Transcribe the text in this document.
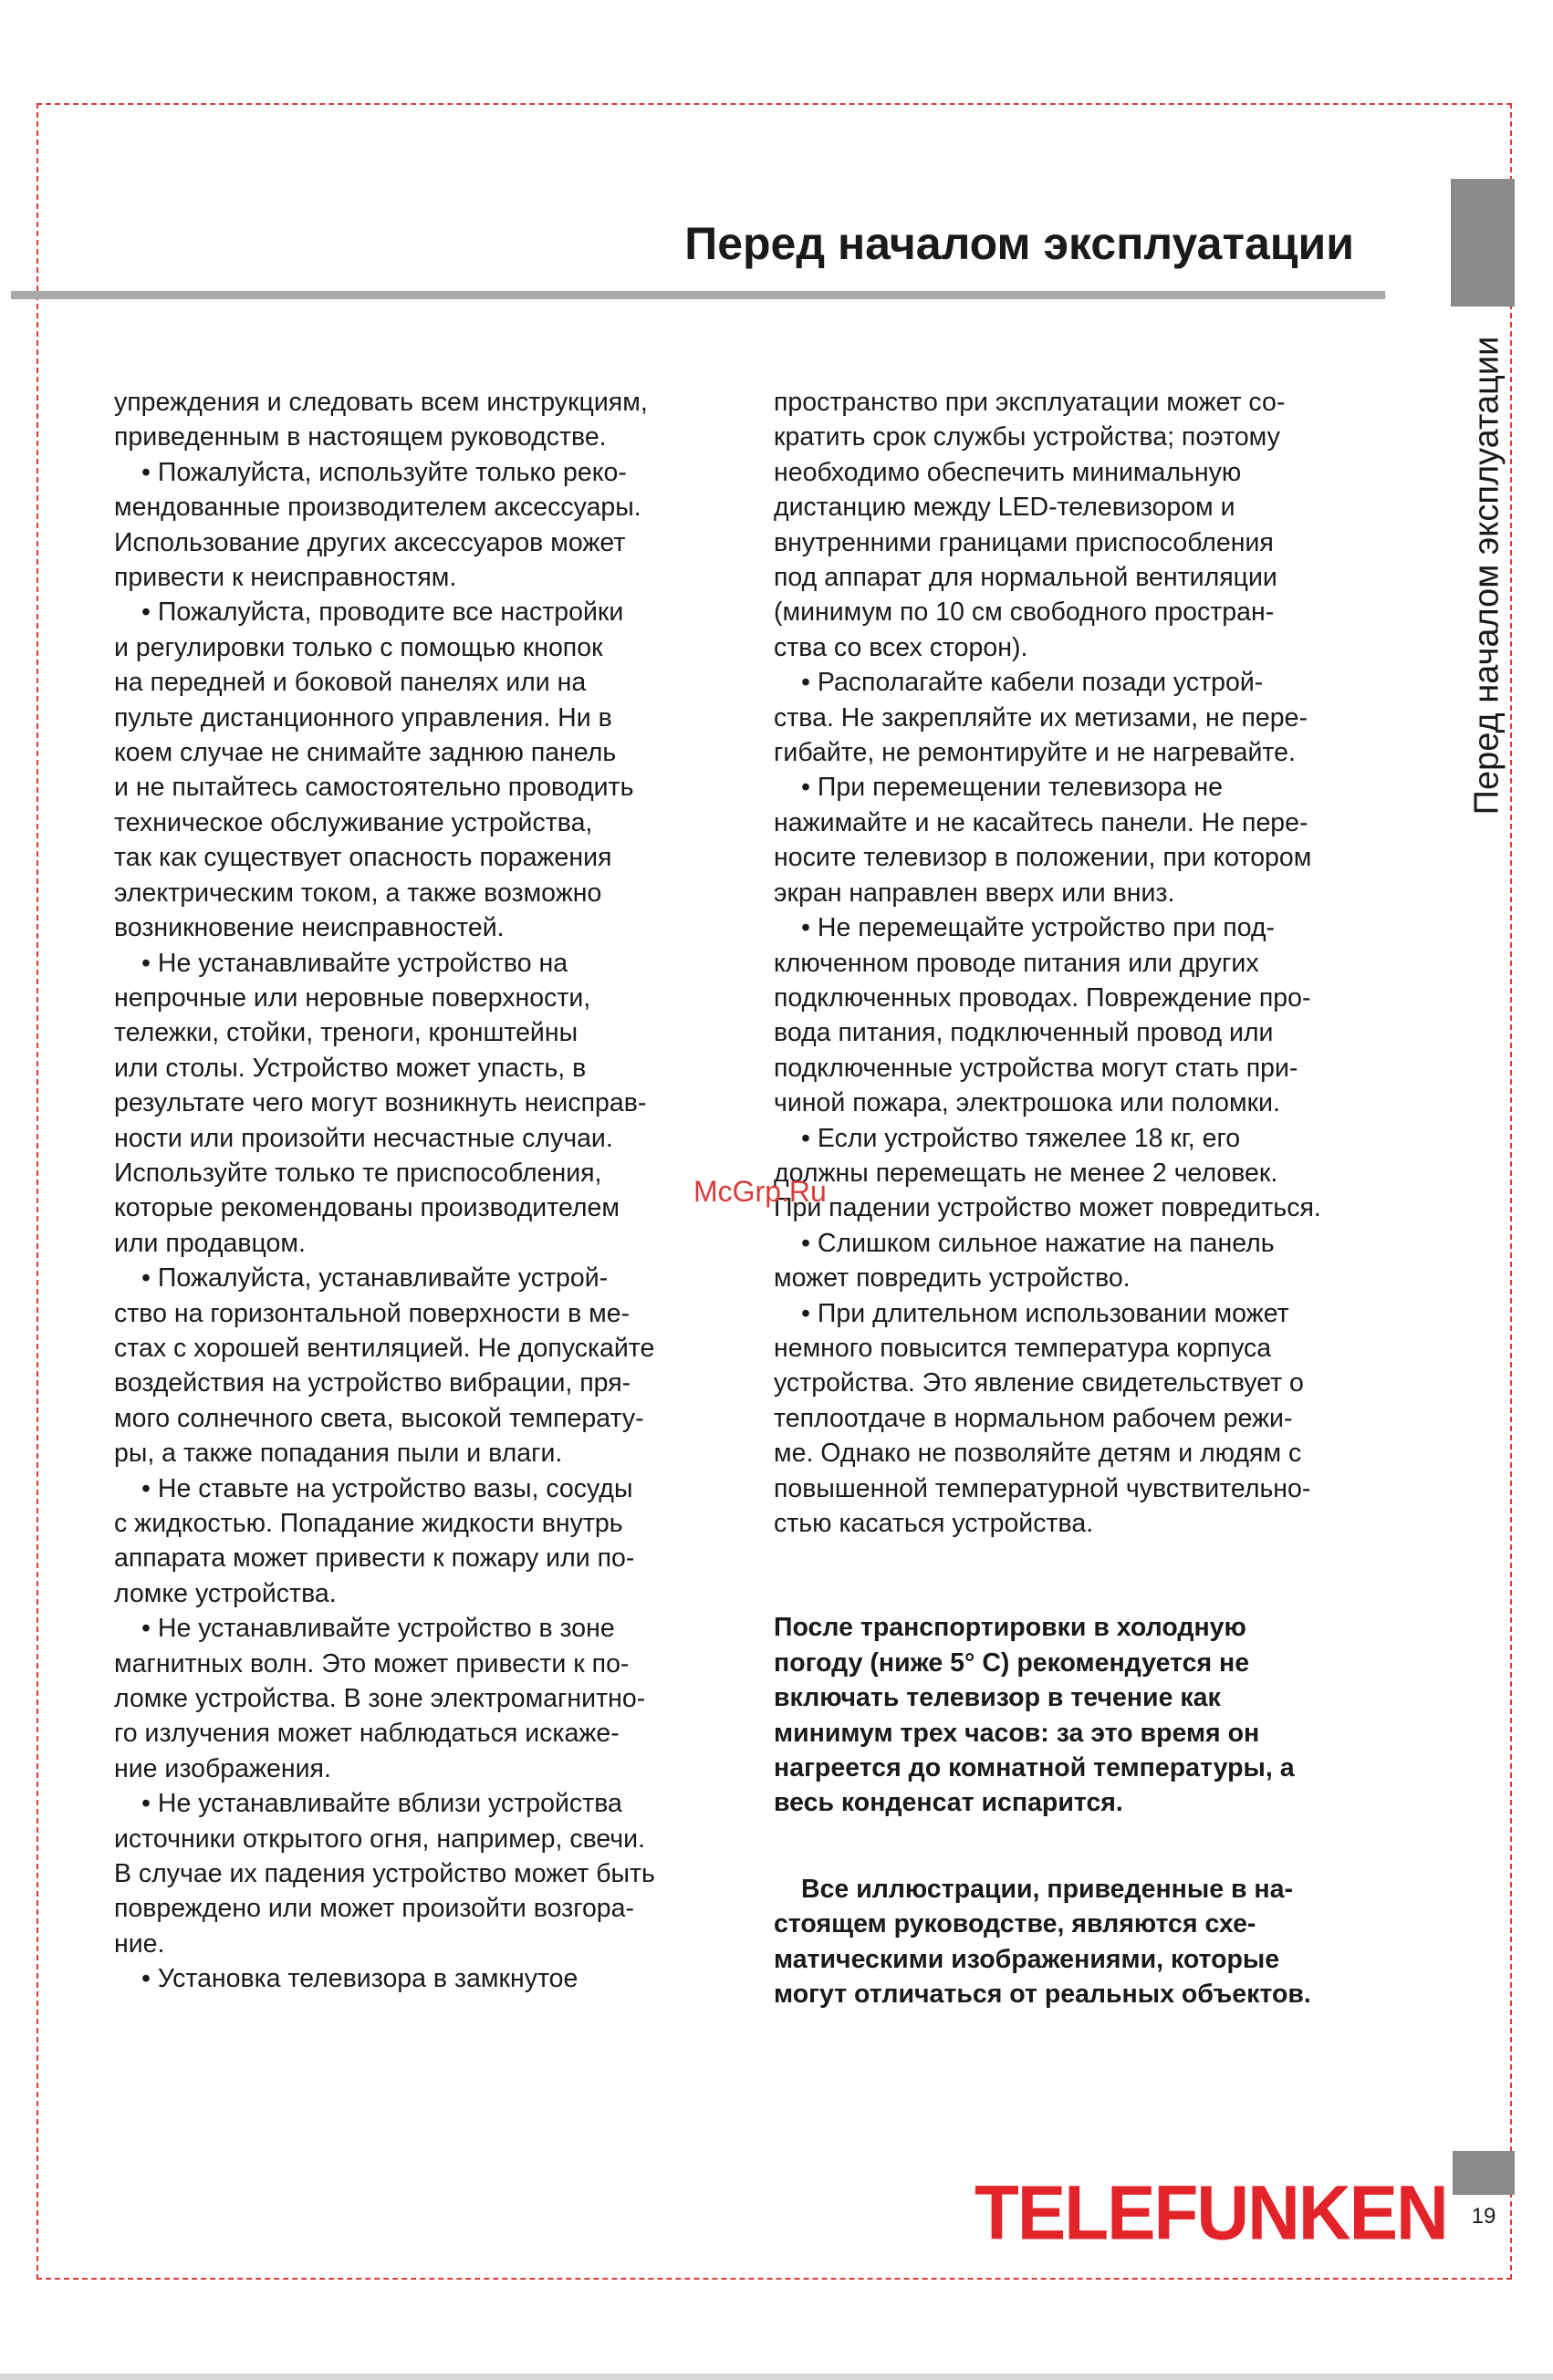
Перед началом эксплуатации
Перед началом эксплуатации
упреждения и следовать всем инструкциям,
приведенным в настоящем руководстве.
• Пожалуйста, используйте только реко-
мендованные производителем аксессуары.
Использование других аксессуаров может
привести к неисправностям.
• Пожалуйста, проводите все настройки
и регулировки только с помощью кнопок
на передней и боковой панелях или на
пульте дистанционного управления. Ни в
коем случае не снимайте заднюю панель
и не пытайтесь самостоятельно проводить
техническое обслуживание устройства,
так как существует опасность поражения
электрическим током, а также возможно
возникновение неисправностей.
• Не устанавливайте устройство на
непрочные или неровные поверхности,
тележки, стойки, треноги, кронштейны
или столы. Устройство может упасть, в
результате чего могут возникнуть неисправ-
ности или произойти несчастные случаи.
Используйте только те приспособления,
которые рекомендованы производителем
или продавцом.
• Пожалуйста, устанавливайте устрой-
ство на горизонтальной поверхности в ме-
стах с хорошей вентиляцией. Не допускайте
воздействия на устройство вибрации, пря-
мого солнечного света, высокой температу-
ры, а также попадания пыли и влаги.
• Не ставьте на устройство вазы, сосуды
с жидкостью. Попадание жидкости внутрь
аппарата может привести к пожару или по-
ломке устройства.
• Не устанавливайте устройство в зоне
магнитных волн. Это может привести к по-
ломке устройства. В зоне электромагнитно-
го излучения может наблюдаться искаже-
ние изображения.
• Не устанавливайте вблизи устройства
источники открытого огня, например, свечи.
В случае их падения устройство может быть
повреждено или может произойти возгора-
ние.
• Установка телевизора в замкнутое
пространство при эксплуатации может со-
кратить срок службы устройства; поэтому
необходимо обеспечить минимальную
дистанцию между LED-телевизором и
внутренними границами приспособления
под аппарат для нормальной вентиляции
(минимум по 10 см свободного простран-
ства со всех сторон).
• Располагайте кабели позади устрой-
ства. Не закрепляйте их метизами, не пере-
гибайте, не ремонтируйте и не нагревайте.
• При перемещении телевизора не
нажимайте и не касайтесь панели. Не пере-
носите телевизор в положении, при котором
экран направлен вверх или вниз.
• Не перемещайте устройство при под-
ключенном проводе питания или других
подключенных проводах. Повреждение про-
вода питания, подключенный провод или
подключенные устройства могут стать при-
чиной пожара, электрошока или поломки.
• Если устройство тяжелее 18 кг, его
должны перемещать не менее 2 человек.
При падении устройство может повредиться.
• Слишком сильное нажатие на панель
может повредить устройство.
• При длительном использовании может
немного повысится температура корпуса
устройства. Это явление свидетельствует о
теплоотдаче в нормальном рабочем режи-
ме. Однако не позволяйте детям и людям с
повышенной температурной чувствительно-
стью касаться устройства.
После транспортировки в холодную
погоду (ниже 5° С) рекомендуется не
включать телевизор в течение как
минимум трех часов: за это время он
нагреется до комнатной температуры, а
весь конденсат испарится.
Все иллюстрации, приведенные в на-
стоящем руководстве, являются схе-
матическими изображениями, которые
могут отличаться от реальных объектов.
McGrp.Ru
TELEFUNKEN	19
